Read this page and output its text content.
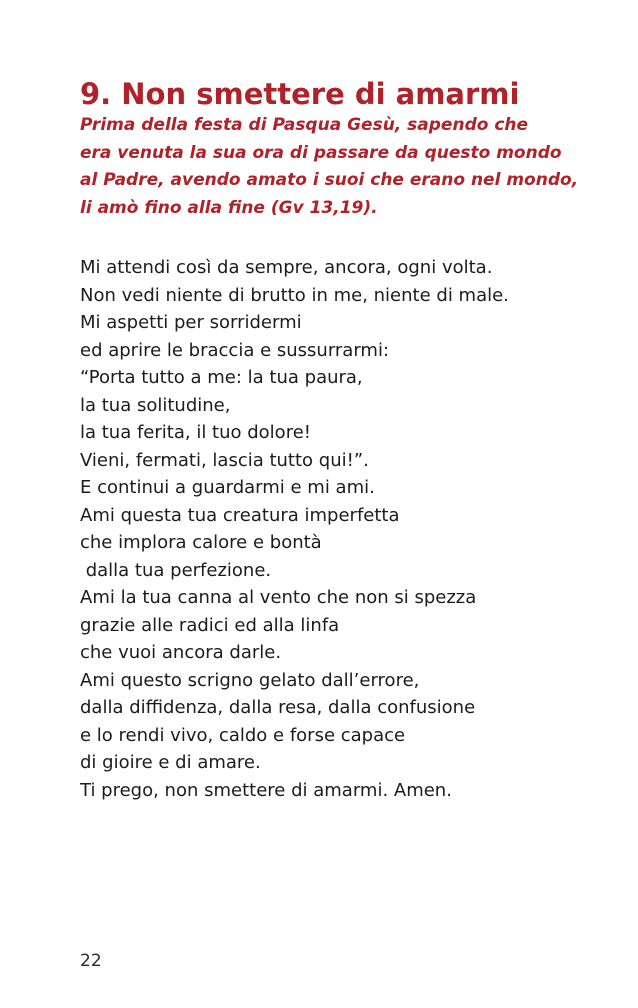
9. Non smettere di amarmi
Prima della festa di Pasqua Gesù, sapendo che
era venuta la sua ora di passare da questo mondo
al Padre, avendo amato i suoi che erano nel mondo,
li amò fino alla fine (Gv 13,19).
Mi attendi così da sempre, ancora, ogni volta.
Non vedi niente di brutto in me, niente di male.
Mi aspetti per sorridermi
ed aprire le braccia e sussurrarmi:
“Porta tutto a me: la tua paura,
la tua solitudine,
la tua ferita, il tuo dolore!
Vieni, fermati, lascia tutto qui!”.
E continui a guardarmi e mi ami.
Ami questa tua creatura imperfetta
che implora calore e bontà
dalla tua perfezione.
Ami la tua canna al vento che non si spezza
grazie alle radici ed alla linfa
che vuoi ancora darle.
Ami questo scrigno gelato dall’errore,
dalla diffidenza, dalla resa, dalla confusione
e lo rendi vivo, caldo e forse capace
di gioire e di amare.
Ti prego, non smettere di amarmi. Amen.
22
